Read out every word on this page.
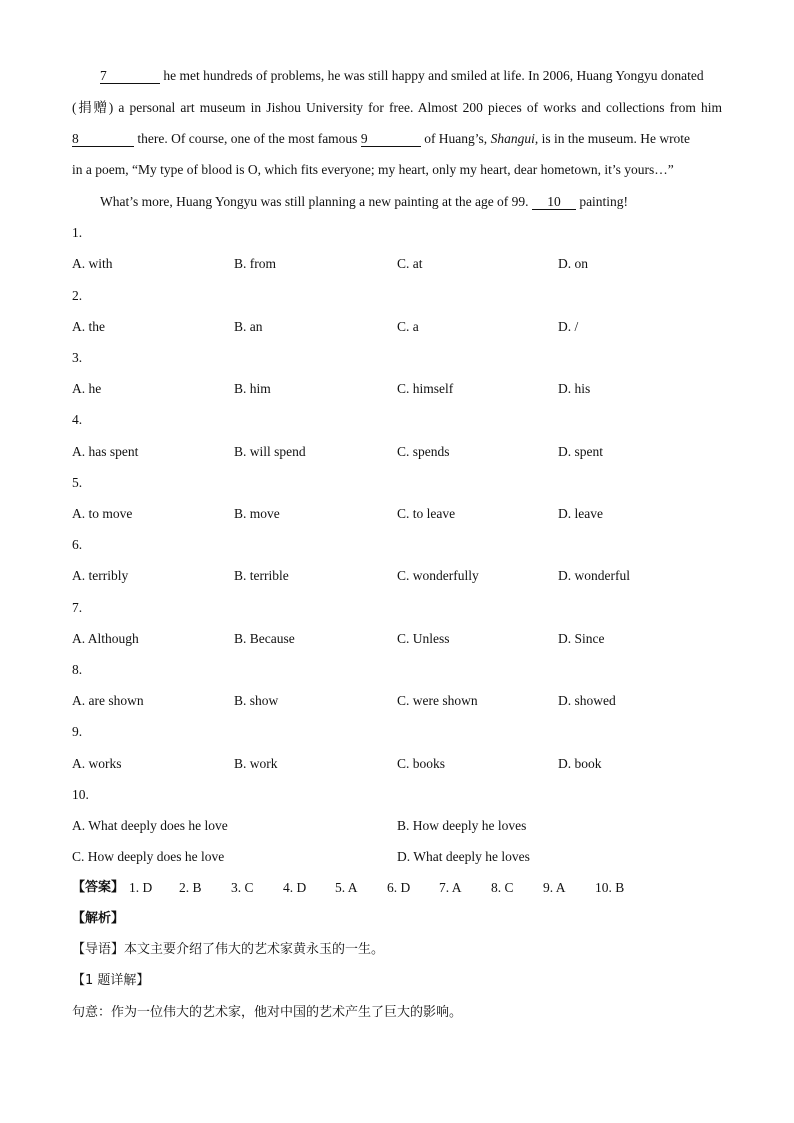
7	he met hundreds of problems, he was still happy and smiled at life. In 2006, Huang Yongyu donated
(捐赠) a personal art museum in Jishou University for free. Almost 200 pieces of works and collections from him
8	there. Of course, one of the most famous 9	of Huang’s, Shangui, is in the museum. He wrote
in a poem, “My type of blood is O, which fits everyone; my heart, only my heart, dear hometown, it’s yours…”
What’s more, Huang Yongyu was still planning a new painting at the age of 99. 10 painting!
1.
A. with	B. from	C. at	D. on
2.
A. the	B. an	C. a	D. /
3.
A. he	B. him	C. himself	D. his
4.
A. has spent	B. will spend	C. spends	D. spent
5.
A. to move	B. move	C. to leave	D. leave
6.
A. terribly	B. terrible	C. wonderfully	D. wonderful
7.
A. Although	B. Because	C. Unless	D. Since
8.
A. are shown	B. show	C. were shown	D. showed
9.
A. works	B. work	C. books	D. book
10.
A. What deeply does he love	B. How deeply he loves
C. How deeply does he love	D. What deeply he loves
【答案】 1. D 2. B 3. C 4. D 5. A 6. D 7. A 8. C 9. A 10. B
【解析】
【导语】本文主要介绍了伟大的艺术家黄永玉的一生。
【1 题详解】
句意：作为一位伟大的艺术家，他对中国的艺术产生了巨大的影响。
